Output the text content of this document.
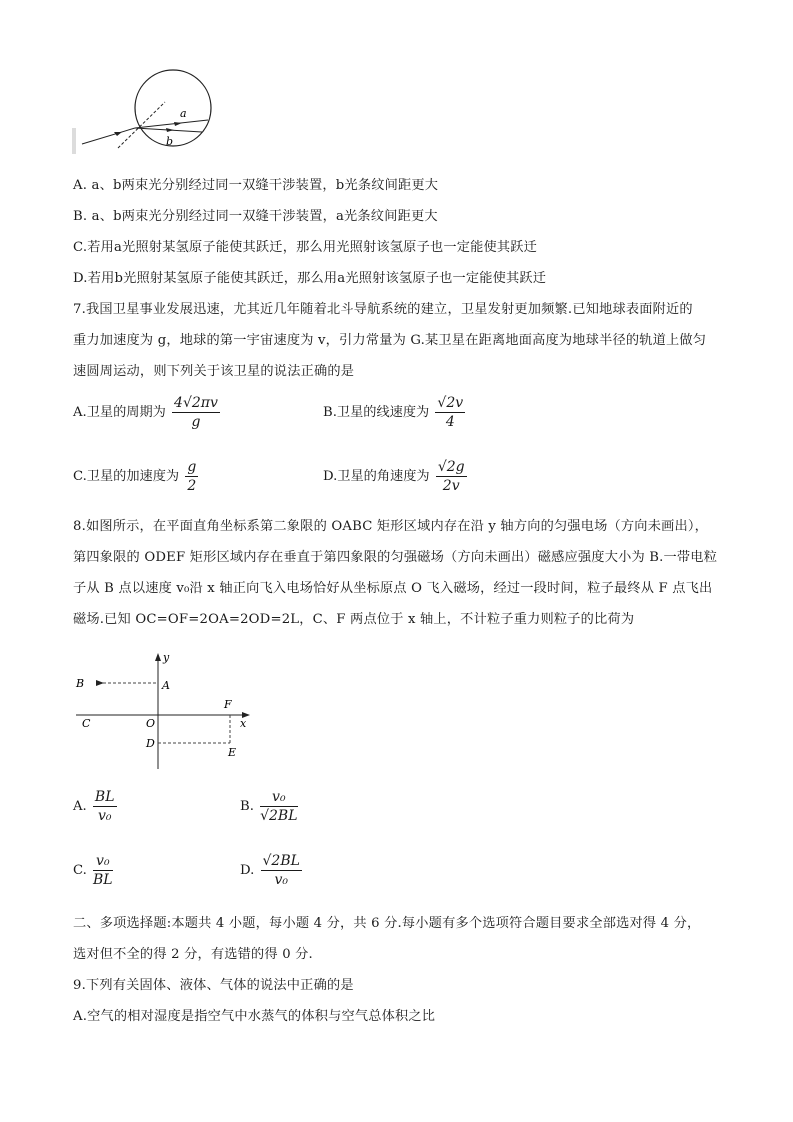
a
b
A. a、b两束光分别经过同一双缝干涉装置，b光条纹间距更大
B. a、b两束光分别经过同一双缝干涉装置，a光条纹间距更大
C.若用a光照射某氢原子能使其跃迁，那么用光照射该氢原子也一定能使其跃迁
D.若用b光照射某氢原子能使其跃迁，那么用a光照射该氢原子也一定能使其跃迁
7.我国卫星事业发展迅速，尤其近几年随着北斗导航系统的建立，卫星发射更加频繁.已知地球表面附近的
重力加速度为 g，地球的第一宇宙速度为 v，引力常量为 G.某卫星在距离地面高度为地球半径的轨道上做匀
速圆周运动，则下列关于该卫星的说法正确的是
A.卫星的周期为 $\frac{4√2\pi v}{g}$	B.卫星的线速度为 $\frac{√2v}{4}$
C.卫星的加速度为 $\frac{g}{2}$	D.卫星的角速度为 $\frac{√2g}{2v}$
8.如图所示，在平面直角坐标系第二象限的 OABC 矩形区域内存在沿 y 轴方向的匀强电场（方向未画出），
第四象限的 ODEF 矩形区域内存在垂直于第四象限的匀强磁场（方向未画出）磁感应强度大小为 B.一带电粒
子从 B 点以速度 v₀沿 x 轴正向飞入电场恰好从坐标原点 O 飞入磁场，经过一段时间，粒子最终从 F 点飞出
磁场.已知 OC=OF=2OA=2OD=2L，C、F 两点位于 x 轴上，不计粒子重力则粒子的比荷为
y
x
A
B
C	O
F
D
E
A. $\frac{BL}{\text{v₀}}$	B. $\frac{\text{v₀}}{√2BL}$
C. $\frac{\text{v₀}}{BL}$	D. $\frac{√2BL}{\text{v₀}}$
二、多项选择题:本题共 4 小题，每小题 4 分，共 6 分.每小题有多个选项符合题目要求全部选对得 4 分，
选对但不全的得 2 分，有选错的得 0 分.
9.下列有关固体、液体、气体的说法中正确的是
A.空气的相对湿度是指空气中水蒸气的体积与空气总体积之比
